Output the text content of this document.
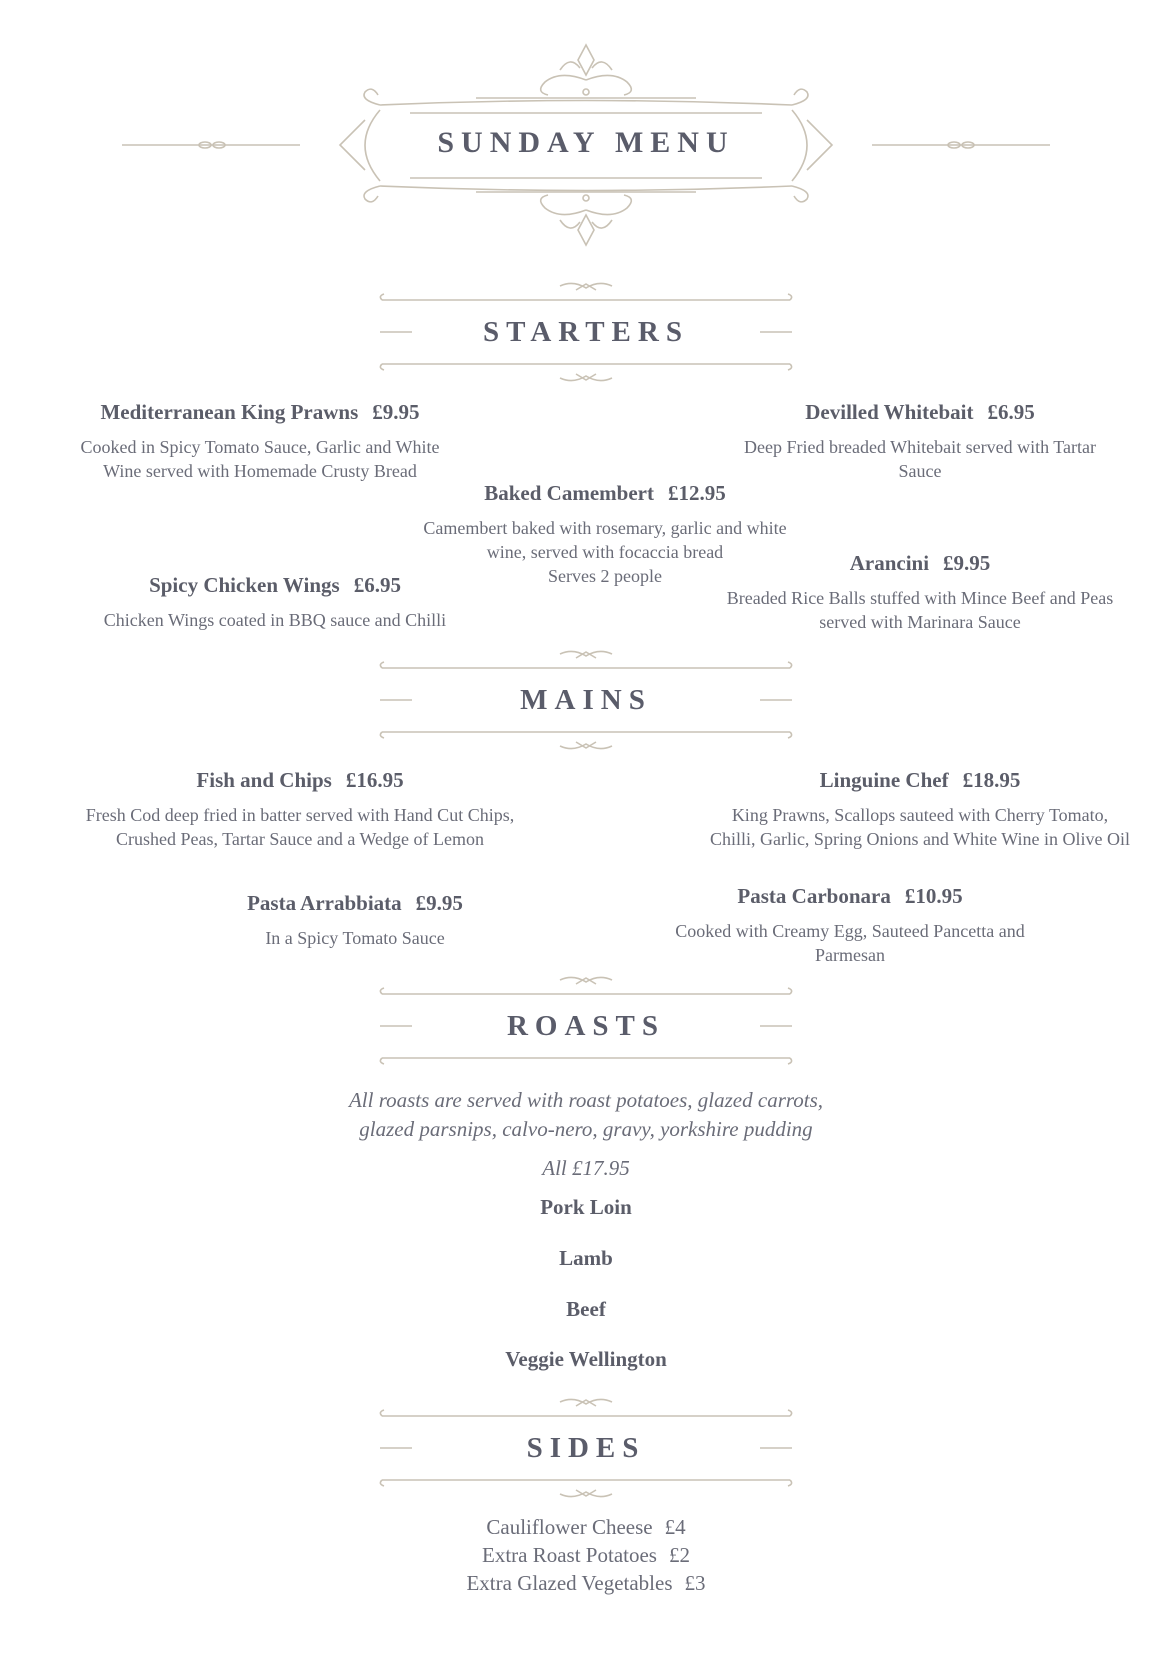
SUNDAY MENU
STARTERS
Mediterranean King Prawns £9.95
Cooked in Spicy Tomato Sauce, Garlic and White
Wine served with Homemade Crusty Bread
Devilled Whitebait £6.95
Deep Fried breaded Whitebait served with Tartar
Sauce
Baked Camembert £12.95
Camembert baked with rosemary, garlic and white
wine, served with focaccia bread
Serves 2 people
Spicy Chicken Wings £6.95
Chicken Wings coated in BBQ sauce and Chilli
Arancini £9.95
Breaded Rice Balls stuffed with Mince Beef and Peas
served with Marinara Sauce
MAINS
Fish and Chips £16.95
Fresh Cod deep fried in batter served with Hand Cut Chips,
Crushed Peas, Tartar Sauce and a Wedge of Lemon
Linguine Chef £18.95
King Prawns, Scallops sauteed with Cherry Tomato,
Chilli, Garlic, Spring Onions and White Wine in Olive Oil
Pasta Arrabbiata £9.95
In a Spicy Tomato Sauce
Pasta Carbonara £10.95
Cooked with Creamy Egg, Sauteed Pancetta and
Parmesan
ROASTS
All roasts are served with roast potatoes, glazed carrots,
glazed parsnips, calvo-nero, gravy, yorkshire pudding
All £17.95
Pork Loin
Lamb
Beef
Veggie Wellington
SIDES
Cauliflower Cheese £4
Extra Roast Potatoes £2
Extra Glazed Vegetables £3
